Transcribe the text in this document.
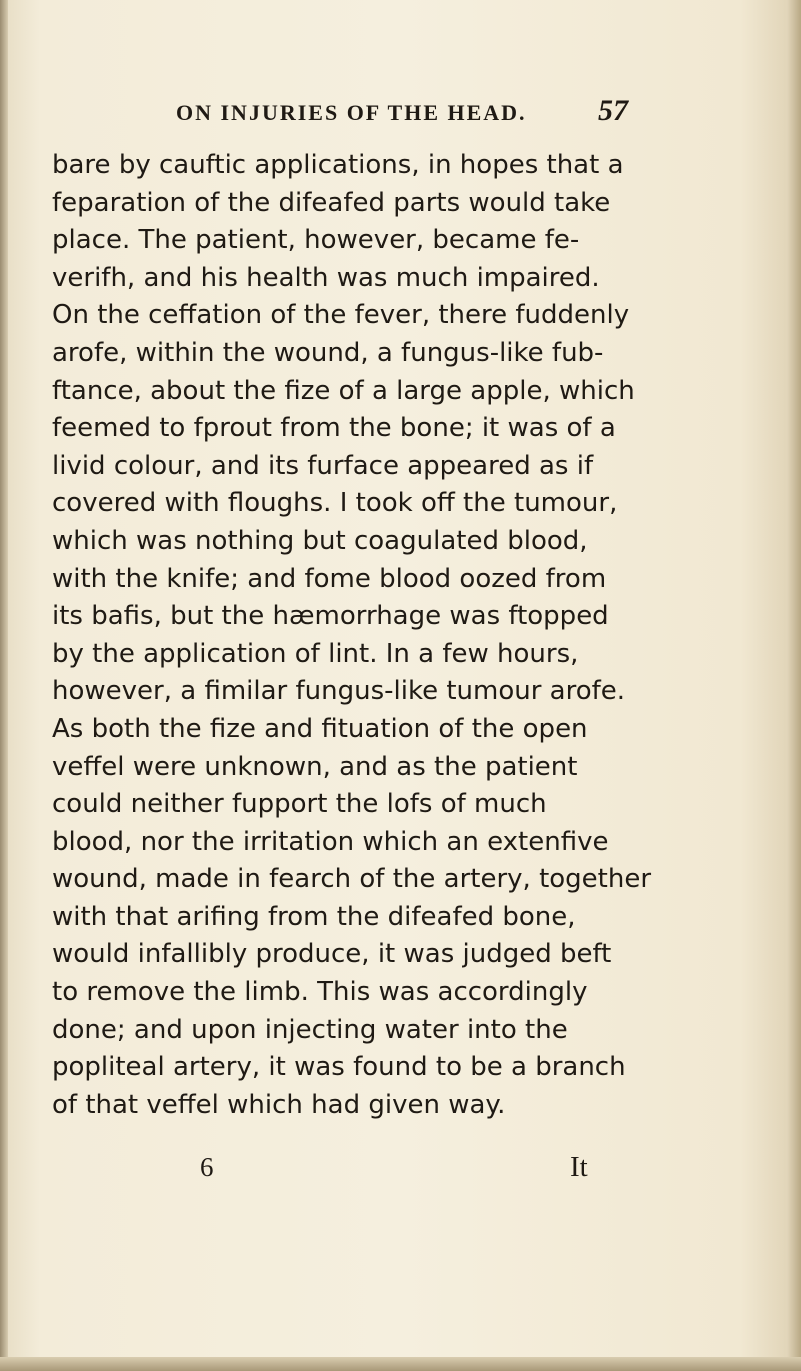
ON INJURIES OF THE HEAD. 57
bare by cauftic applications, in hopes that a
feparation of the difeafed parts would take
place. The patient, however, became fe-
verifh, and his health was much impaired.
On the ceffation of the fever, there fuddenly
arofe, within the wound, a fungus-like fub-
ftance, about the fize of a large apple, which
feemed to fprout from the bone; it was of a
livid colour, and its furface appeared as if
covered with floughs. I took off the tumour,
which was nothing but coagulated blood,
with the knife; and fome blood oozed from
its bafis, but the hæmorrhage was ftopped
by the application of lint. In a few hours,
however, a fimilar fungus-like tumour arofe.
As both the fize and fituation of the open
veffel were unknown, and as the patient
could neither fupport the lofs of much
blood, nor the irritation which an extenfive
wound, made in fearch of the artery, together
with that arifing from the difeafed bone,
would infallibly produce, it was judged beft
to remove the limb. This was accordingly
done; and upon injecting water into the
popliteal artery, it was found to be a branch
of that veffel which had given way.
6	It
